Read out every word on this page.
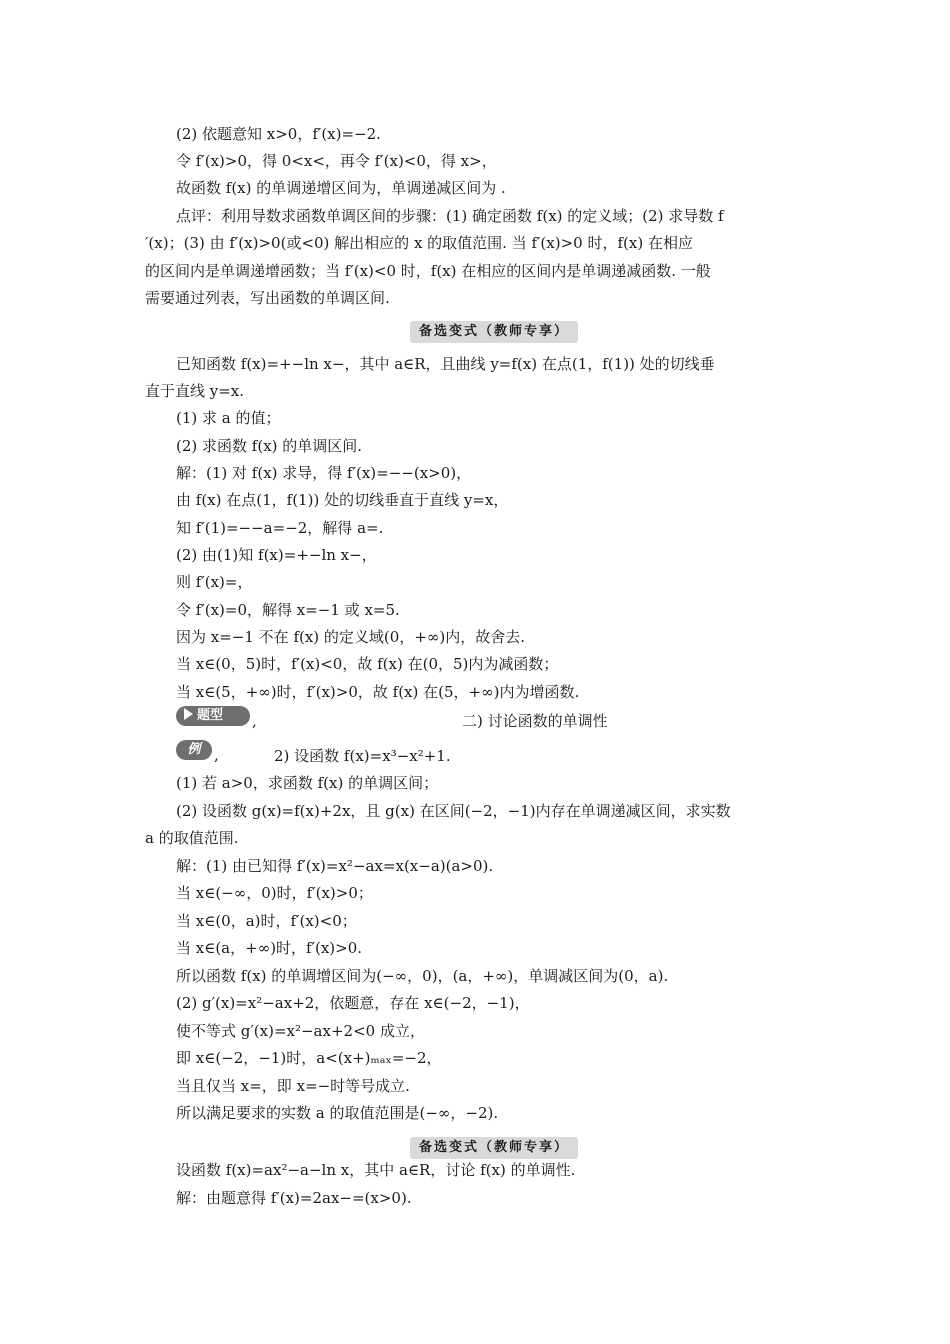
(2) 依题意知 x>0，f′(x)=−2.
令 f′(x)>0，得 0<x<，再令 f′(x)<0，得 x>，
故函数 f(x) 的单调递增区间为，单调递减区间为 .
点评：利用导数求函数单调区间的步骤：(1) 确定函数 f(x) 的定义域；(2) 求导数 f
′(x)；(3) 由 f′(x)>0(或<0) 解出相应的 x 的取值范围. 当 f′(x)>0 时，f(x) 在相应
的区间内是单调递增函数；当 f′(x)<0 时，f(x) 在相应的区间内是单调递减函数. 一般
需要通过列表，写出函数的单调区间.
备选变式（教师专享）
已知函数 f(x)=+−ln x−，其中 a∈R，且曲线 y=f(x) 在点(1，f(1)) 处的切线垂
直于直线 y=x.
(1) 求 a 的值；
(2) 求函数 f(x) 的单调区间.
解：(1) 对 f(x) 求导，得 f′(x)=−−(x>0)，
由 f(x) 在点(1，f(1)) 处的切线垂直于直线 y=x，
知 f′(1)=−−a=−2，解得 a=.
(2) 由(1)知 f(x)=+−ln x−，
则 f′(x)=，
令 f′(x)=0，解得 x=−1 或 x=5.
因为 x=−1 不在 f(x) 的定义域(0，+∞)内，故舍去.
当 x∈(0，5)时，f′(x)<0，故 f(x) 在(0，5)内为减函数；
当 x∈(5，+∞)时，f′(x)>0，故 f(x) 在(5，+∞)内为增函数.
题型	,	二) 讨论函数的单调性
例 ,	2) 设函数 f(x)=x³−x²+1.
(1) 若 a>0，求函数 f(x) 的单调区间；
(2) 设函数 g(x)=f(x)+2x，且 g(x) 在区间(−2，−1)内存在单调递减区间，求实数
a 的取值范围.
解：(1) 由已知得 f′(x)=x²−ax=x(x−a)(a>0).
当 x∈(−∞，0)时，f′(x)>0；
当 x∈(0，a)时，f′(x)<0；
当 x∈(a，+∞)时，f′(x)>0.
所以函数 f(x) 的单调增区间为(−∞，0)，(a，+∞)，单调减区间为(0，a).
(2) g′(x)=x²−ax+2，依题意，存在 x∈(−2，−1)，
使不等式 g′(x)=x²−ax+2<0 成立，
即 x∈(−2，−1)时，a<(x+)ₘₐₓ=−2，
当且仅当 x=，即 x=−时等号成立.
所以满足要求的实数 a 的取值范围是(−∞，−2).
备选变式（教师专享）
设函数 f(x)=ax²−a−ln x，其中 a∈R，讨论 f(x) 的单调性.
解：由题意得 f′(x)=2ax−=(x>0).
